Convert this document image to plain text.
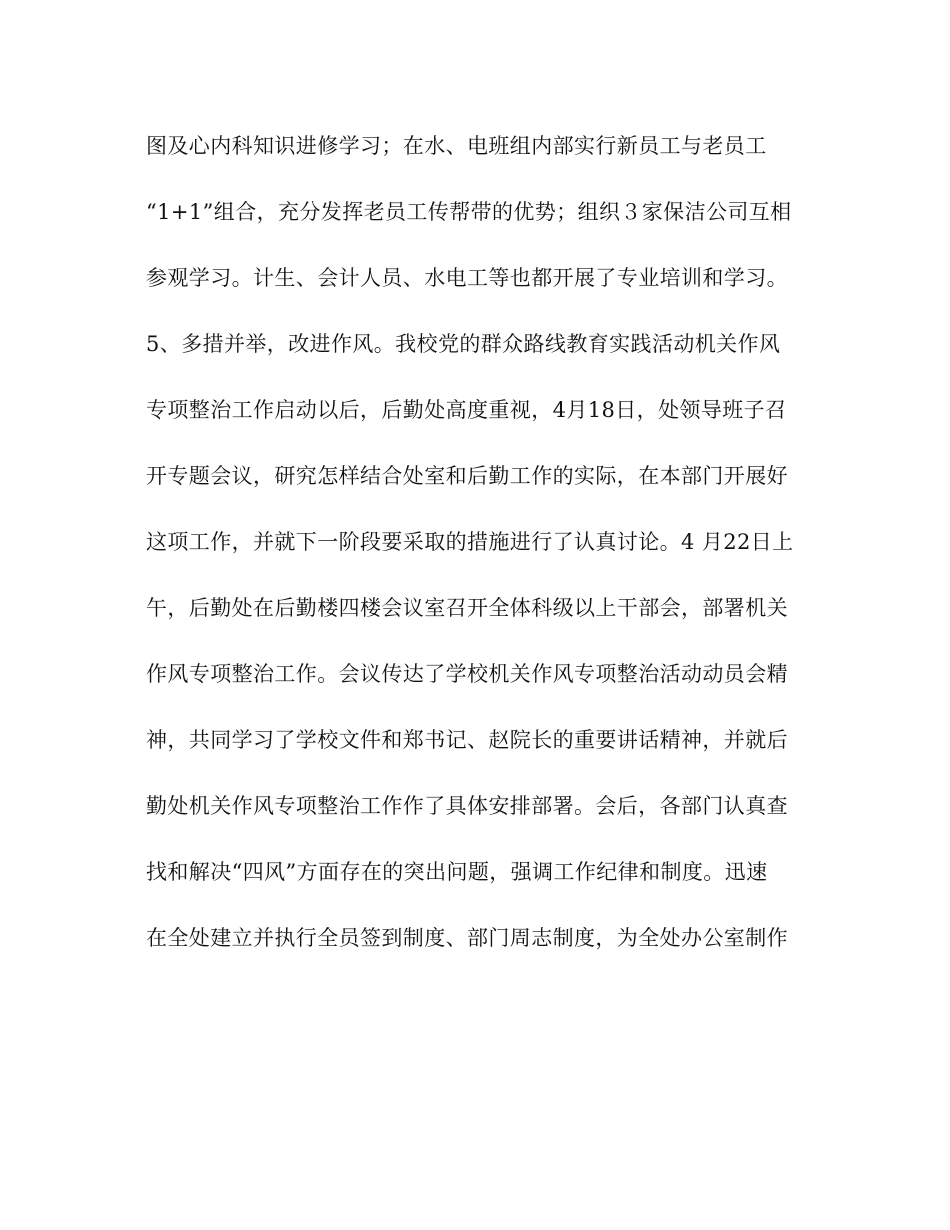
图及心内科知识进修学习；在水、电班组内部实行新员工与老员工
“1+1”组合，充分发挥老员工传帮带的优势；组织３家保洁公司互相
参观学习。计生、会计人员、水电工等也都开展了专业培训和学习。
5、多措并举，改进作风。我校党的群众路线教育实践活动机关作风
专项整治工作启动以后，后勤处高度重视，4月18日，处领导班子召
开专题会议，研究怎样结合处室和后勤工作的实际，在本部门开展好
这项工作，并就下一阶段要采取的措施进行了认真讨论。4 月22日上
午，后勤处在后勤楼四楼会议室召开全体科级以上干部会，部署机关
作风专项整治工作。会议传达了学校机关作风专项整治活动动员会精
神，共同学习了学校文件和郑书记、赵院长的重要讲话精神，并就后
勤处机关作风专项整治工作作了具体安排部署。会后，各部门认真查
找和解决“四风”方面存在的突出问题，强调工作纪律和制度。迅速
在全处建立并执行全员签到制度、部门周志制度，为全处办公室制作
